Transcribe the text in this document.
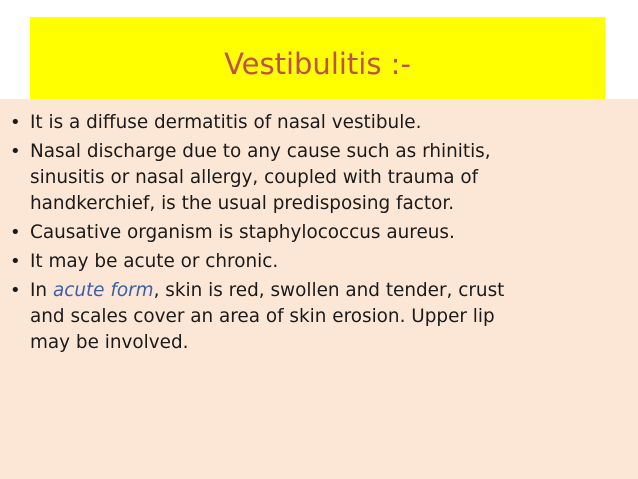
Vestibulitis :-
• It is a diffuse dermatitis of nasal vestibule.
• Nasal discharge due to any cause such as rhinitis,
sinusitis or nasal allergy, coupled with trauma of
handkerchief, is the usual predisposing factor.
• Causative organism is staphylococcus aureus.
• It may be acute or chronic.
• In acute form, skin is red, swollen and tender, crust
and scales cover an area of skin erosion. Upper lip
may be involved.
